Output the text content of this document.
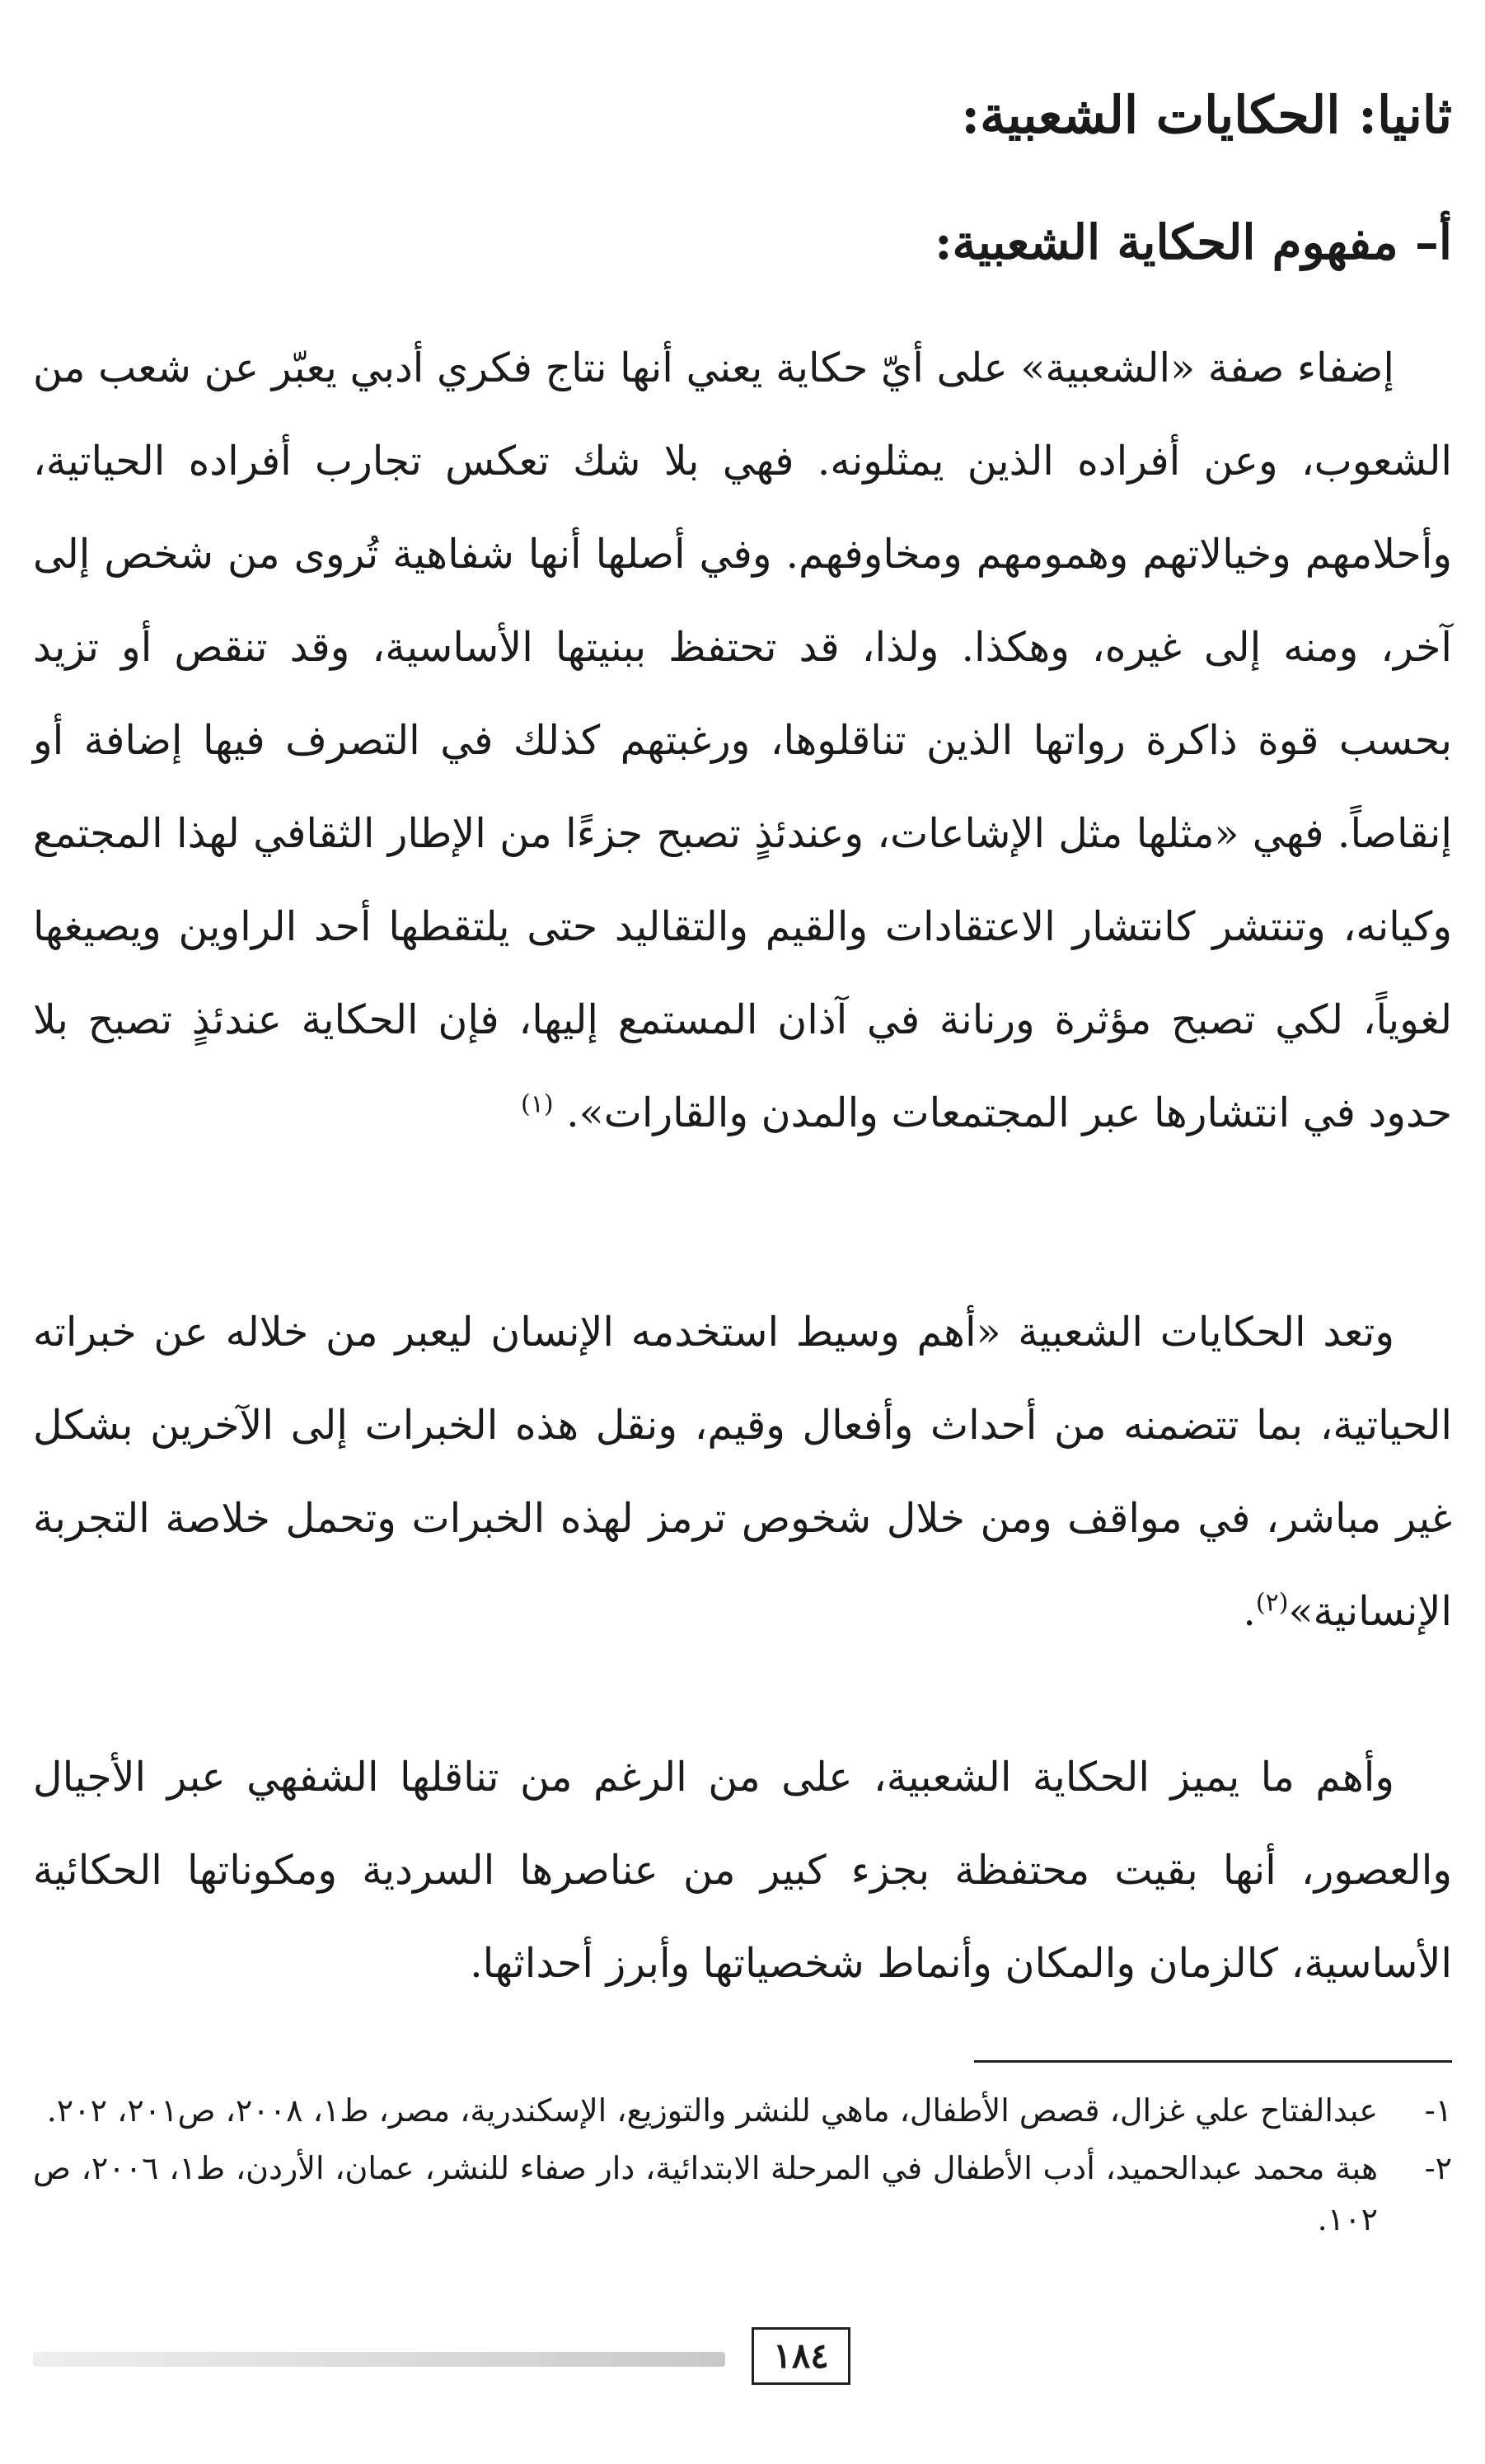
ثانيا: الحكايات الشعبية:
أ– مفهوم الحكاية الشعبية:

إضفاء صفة «الشعبية» على أيّ حكاية يعني أنها نتاج فكري أدبي يعبّر عن شعب من الشعوب، وعن أفراده الذين يمثلونه. فهي بلا شك تعكس تجارب أفراده الحياتية، وأحلامهم وخيالاتهم وهمومهم ومخاوفهم. وفي أصلها أنها شفاهية تُروى من شخص إلى آخر، ومنه إلى غيره، وهكذا. ولذا، قد تحتفظ ببنيتها الأساسية، وقد تنقص أو تزيد بحسب قوة ذاكرة رواتها الذين تناقلوها، ورغبتهم كذلك في التصرف فيها إضافة أو إنقاصاً. فهي «مثلها مثل الإشاعات، وعندئذٍ تصبح جزءًا من الإطار الثقافي لهذا المجتمع وكيانه، وتنتشر كانتشار الاعتقادات والقيم والتقاليد حتى يلتقطها أحد الراوين ويصيغها لغوياً، لكي تصبح مؤثرة ورنانة في آذان المستمع إليها، فإن الحكاية عندئذٍ تصبح بلا حدود في انتشارها عبر المجتمعات والمدن والقارات». $^{(١)}$

وتعد الحكايات الشعبية «أهم وسيط استخدمه الإنسان ليعبر من خلاله عن خبراته الحياتية، بما تتضمنه من أحداث وأفعال وقيم، ونقل هذه الخبرات إلى الآخرين بشكل غير مباشر، في مواقف ومن خلال شخوص ترمز لهذه الخبرات وتحمل خلاصة التجربة الإنسانية»$^{(٢)}$.

وأهم ما يميز الحكاية الشعبية، على من الرغم من تناقلها الشفهي عبر الأجيال والعصور، أنها بقيت محتفظة بجزء كبير من عناصرها السردية ومكوناتها الحكائية الأساسية، كالزمان والمكان وأنماط شخصياتها وأبرز أحداثها.

١-
عبدالفتاح علي غزال، قصص الأطفال، ماهي للنشر والتوزيع، الإسكندرية، مصر، ط١، ٢٠٠٨، ص٢٠١، ٢٠٢.
٢-
هبة محمد عبدالحميد، أدب الأطفال في المرحلة الابتدائية، دار صفاء للنشر، عمان، الأردن، ط١، ٢٠٠٦، ص ١٠٢.
١٨٤
